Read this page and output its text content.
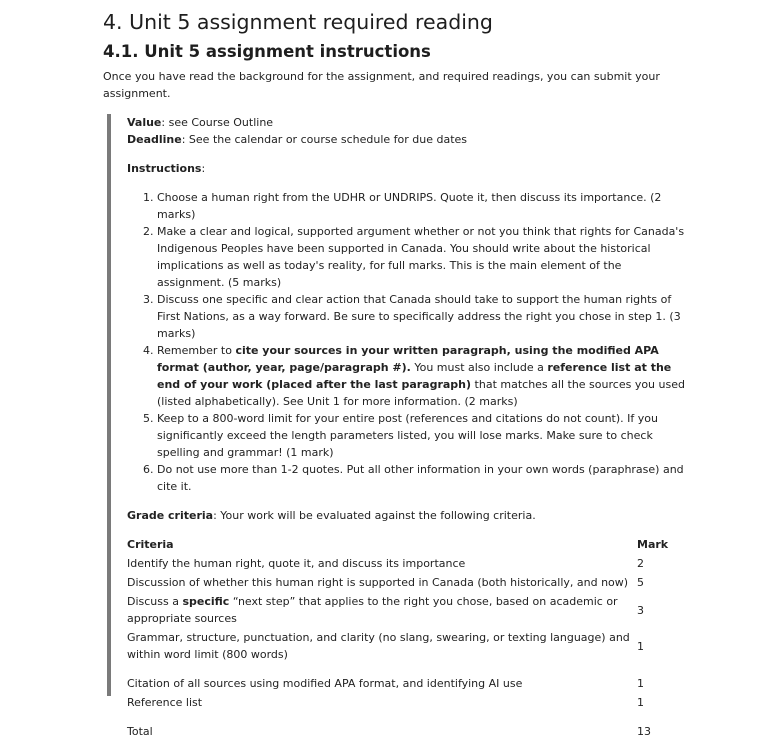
4. Unit 5 assignment required reading
4.1. Unit 5 assignment instructions

Once you have read the background for the assignment, and required readings, you can submit your assignment.

Value: see Course Outline

Deadline: See the calendar or course schedule for due dates

Instructions:

1. Choose a human right from the UDHR or UNDRIPS. Quote it, then discuss its importance. (2 marks)
2. Make a clear and logical, supported argument whether or not you think that rights for Canada's Indigenous Peoples have been supported in Canada. You should write about the historical implications as well as today's reality, for full marks. This is the main element of the assignment. (5 marks)
3. Discuss one specific and clear action that Canada should take to support the human rights of First Nations, as a way forward. Be sure to specifically address the right you chose in step 1. (3 marks)
4. Remember to cite your sources in your written paragraph, using the modified APA format (author, year, page/paragraph #). You must also include a reference list at the end of your work (placed after the last paragraph) that matches all the sources you used (listed alphabetically). See Unit 1 for more information. (2 marks)
5. Keep to a 800-word limit for your entire post (references and citations do not count). If you significantly exceed the length parameters listed, you will lose marks. Make sure to check spelling and grammar! (1 mark)
6. Do not use more than 1-2 quotes. Put all other information in your own words (paraphrase) and cite it.

Grade criteria: Your work will be evaluated against the following criteria.

Criteria	Mark
Identify the human right, quote it, and discuss its importance	2
Discussion of whether this human right is supported in Canada (both historically, and now)	5
Discuss a specific “next step” that applies to the right you chose, based on academic or appropriate sources	3
Grammar, structure, punctuation, and clarity (no slang, swearing, or texting language) and within word limit (800 words)	1
Citation of all sources using modified APA format, and identifying AI use	1
Reference list	1
Total	13
